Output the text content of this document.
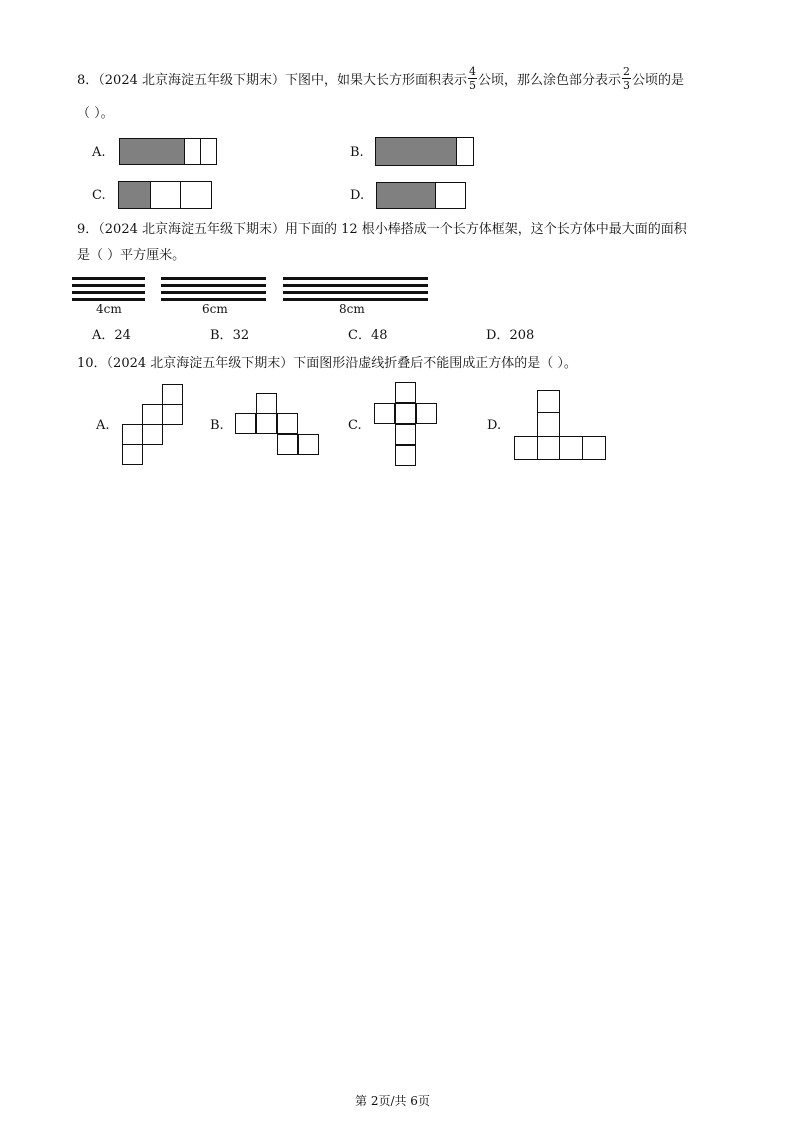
8．（2024 北京海淀五年级下期末）下图中，如果大长方形面积表示 $\frac{4}{5}$ 公顷，那么涂色部分表示 $\frac{2}{3}$ 公顷的是
（ ）。
A.	B.
C.	D.
9．（2024 北京海淀五年级下期末）用下面的 12 根小棒搭成一个长方体框架，这个长方体中最大面的面积
是（ ）平方厘米。
4cm	6cm	8cm
A．24	B．32	C．48	D．208
10．（2024 北京海淀五年级下期末）下面图形沿虚线折叠后不能围成正方体的是（ ）。
A.	B.	C.	D.
第 2页/共 6页
